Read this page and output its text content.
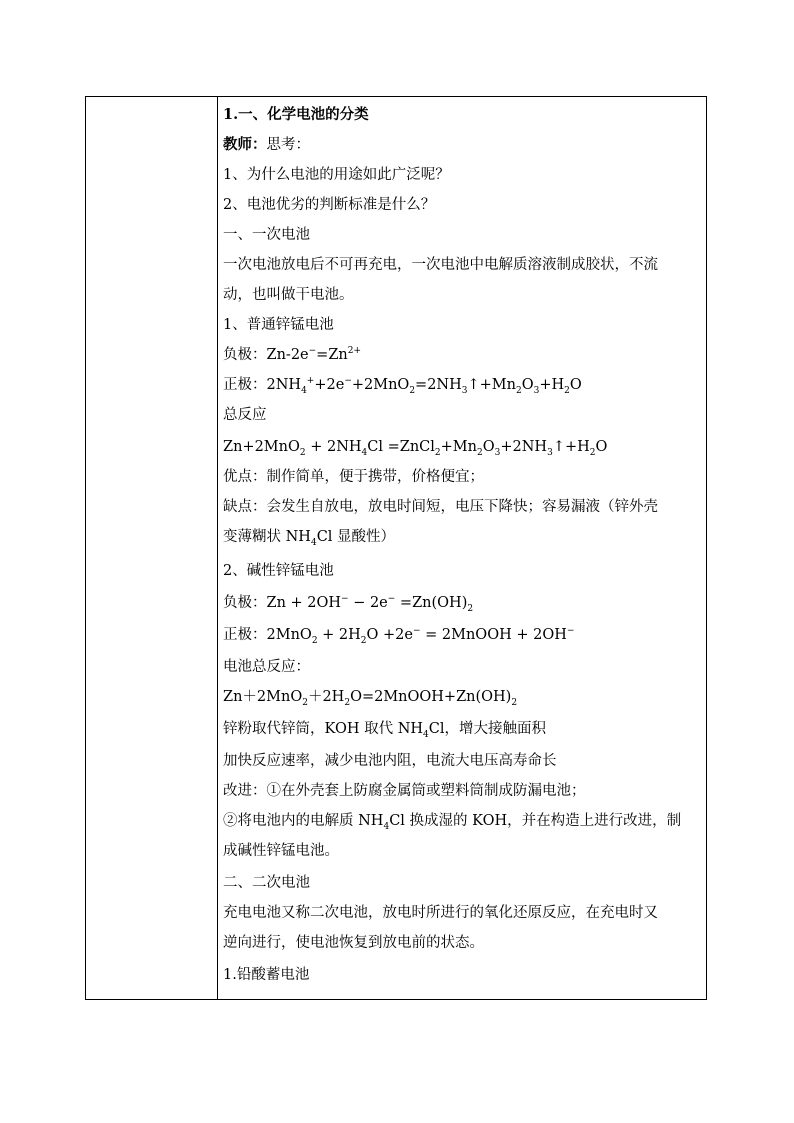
1.一、化学电池的分类
教师：思考：
1、为什么电池的用途如此广泛呢？
2、电池优劣的判断标准是什么？
一、一次电池
一次电池放电后不可再充电，一次电池中电解质溶液制成胶状，不流
动，也叫做干电池。
1、普通锌锰电池
负极：$Zn-2e^-=Zn^{2+}$
正极：$2NH_4^++2e^-+2MnO_2=2NH_3↑+Mn_2O_3+H_2O$
总反应
$Zn+2MnO_2 + 2NH_4Cl$ $=ZnCl_2+Mn_2O_3+2NH_3↑+H_2O$
优点：制作简单，便于携带，价格便宜；
缺点：会发生自放电，放电时间短，电压下降快；容易漏液（锌外壳
变薄糊状 $NH_4Cl$ 显酸性）
2、碱性锌锰电池
负极：$Zn + 2OH^- - 2e^- =Zn(OH)_2$
正极：$2MnO_2 + 2H_2O +2e^-$ = 2MnOOH + 2OH−
电池总反应：
$Zn+2MnO_2+2H_2O=2MnOOH+Zn(OH)_2$
锌粉取代锌筒，KOH 取代 $NH_4Cl$，增大接触面积
加快反应速率，减少电池内阻，电流大电压高寿命长
改进：①在外壳套上防腐金属筒或塑料筒制成防漏电池；
②将电池内的电解质 $NH_4Cl$ 换成湿的 KOH，并在构造上进行改进，制
成碱性锌锰电池。
二、二次电池
充电电池又称二次电池，放电时所进行的氧化还原反应，在充电时又
逆向进行，使电池恢复到放电前的状态。
1.铅酸蓄电池
